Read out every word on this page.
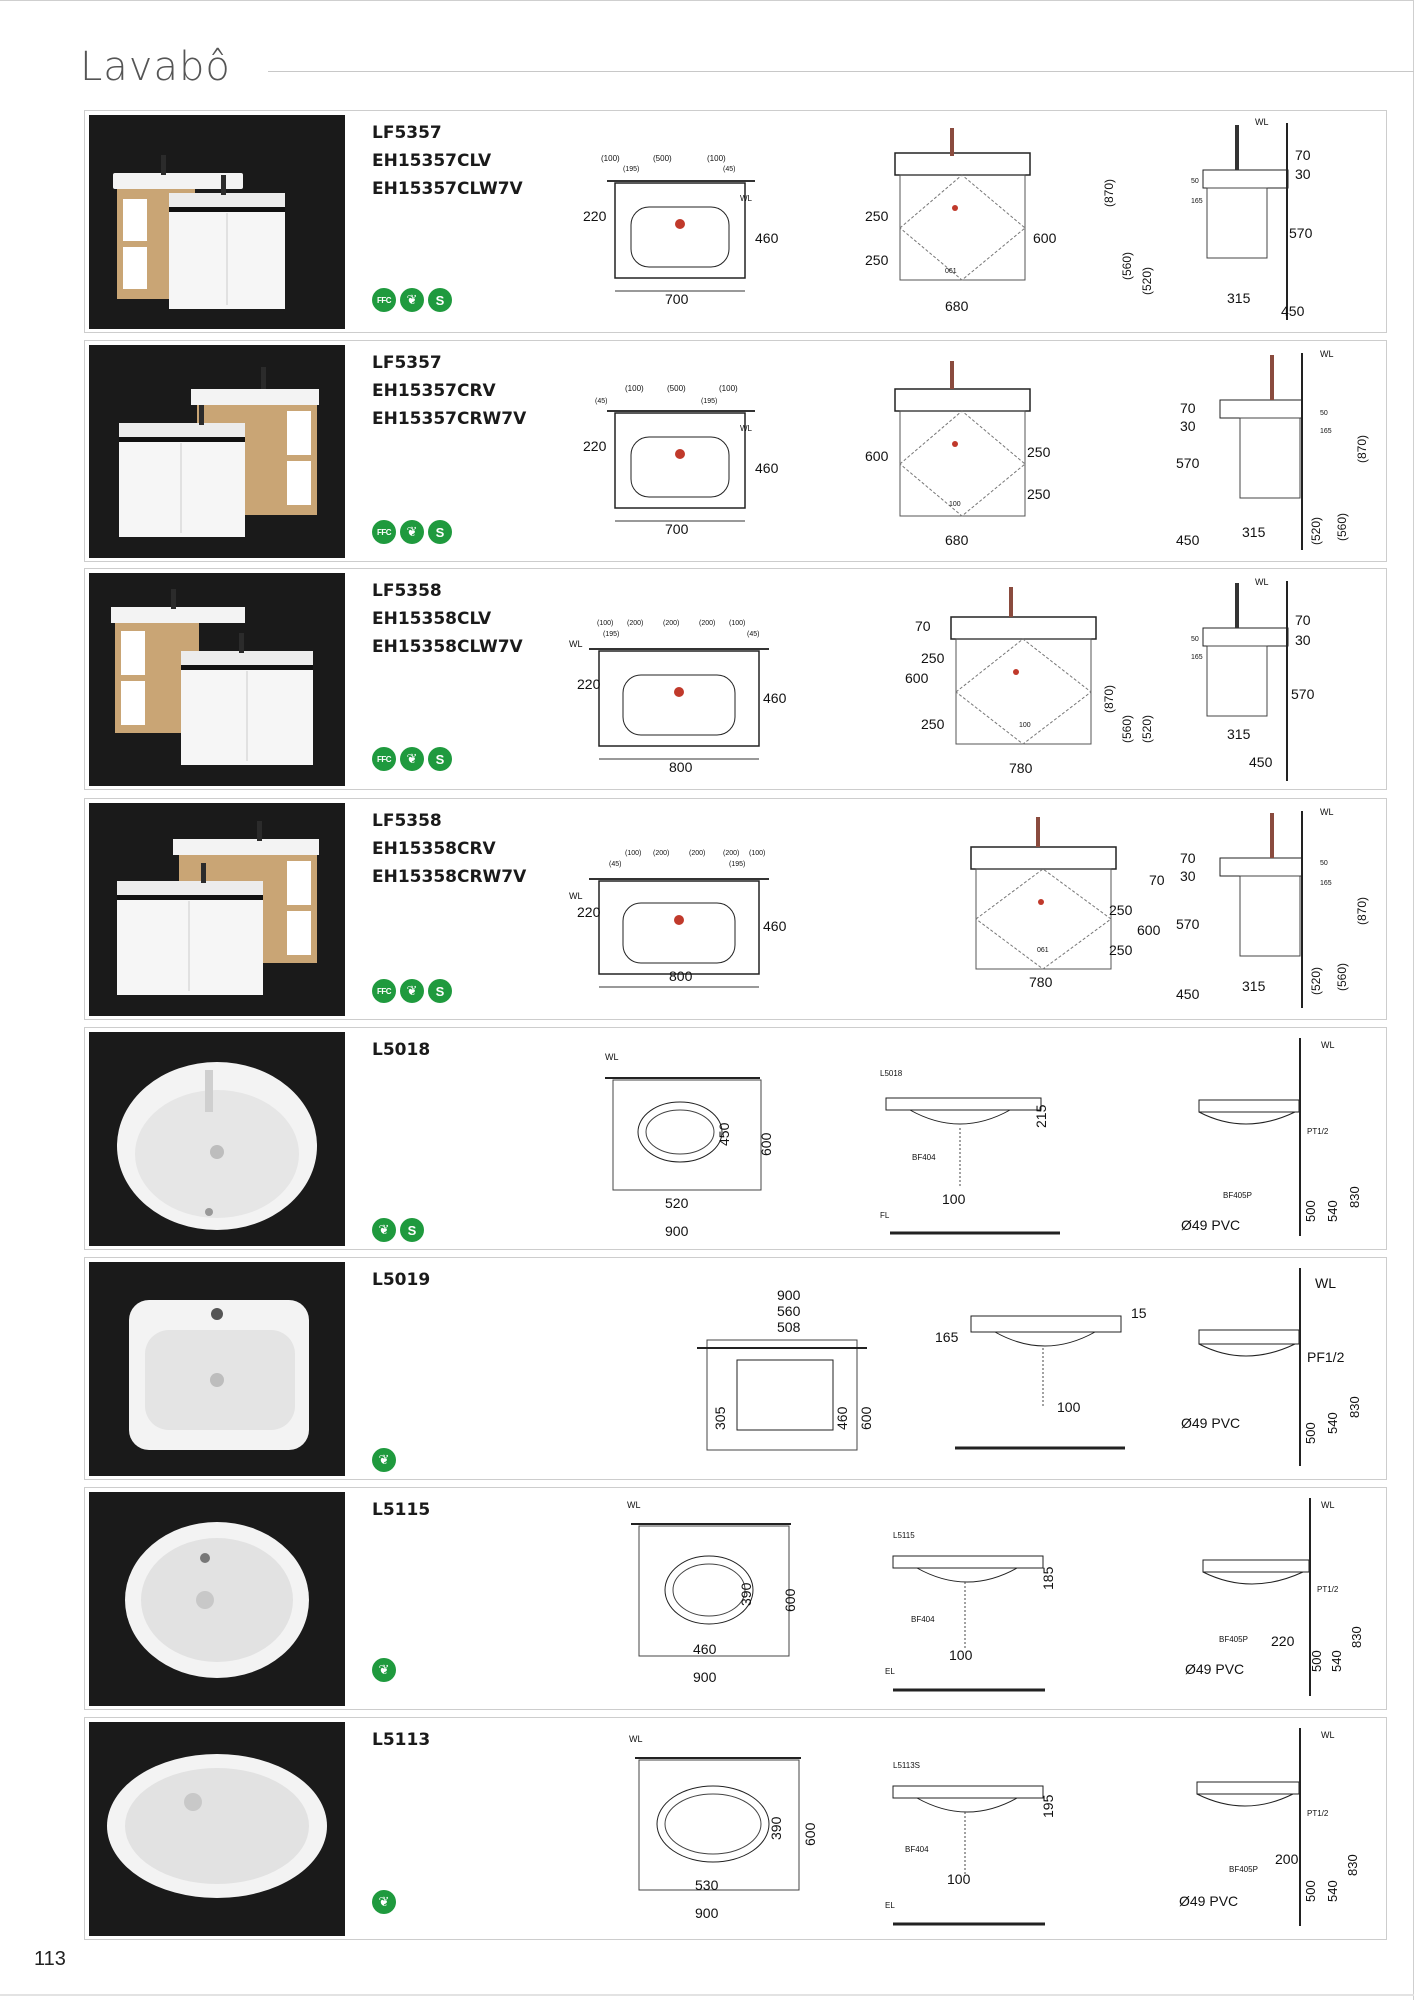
Lavabô
LF5357
EH15357CLV
EH15357CLW7V
FFC	❦	S
(100)	(500)	(100)
(195)	(45)
220
460
700
WL
250
250
600
061
680
(870)
(560)
(520)
70
30
570
315
450
50
165
WL
LF5357
EH15357CRV
EH15357CRW7V
FFC	❦	S
(100)	(500)	(100)
(45)	(195)
220
460
700
WL
600	250
250
100
680
WL
70
30
570
315
450
50
165
(870)
(560)
(520)
LF5358
EH15358CLV
EH15358CLW7V
FFC	❦	S
(100) (200)	(200)	(200) (100)
(195)	(45)
WL
220
460
800
70
250
600
250	100
780
WL
(870)
(560) (520)
70
30
570
315
450
50
165
LF5358
EH15358CRV
EH15358CRW7V
FFC	❦	S
(100) (200)	(200)	(200) (100)
(45)	(195)
WL
220
460
800
70
250
600
250
061
780
WL
70
30
570
315
450
50
165
(870)
(560)
(520)
L5018
❦	S
WL
450 600
520
900
L5018
215
BF404
100
FL
WL
PT1/2
BF405P
Ø49 PVC
500 540
830
L5019
❦
900
560
508
305	460 600
165
15
100
WL
PF1/2
Ø49 PVC	500 540
830
L5115
❦
WL
390 600
460
900
L5115
185
BF404
100
EL
WL
PT1/2
BF405P 220
Ø49 PVC	500 540
830
L5113
❦
WL
390 600
530
900
L5113S
195
BF404
100
EL
WL
PT1/2
BF405P
200
Ø49 PVC	500 540
830
113
